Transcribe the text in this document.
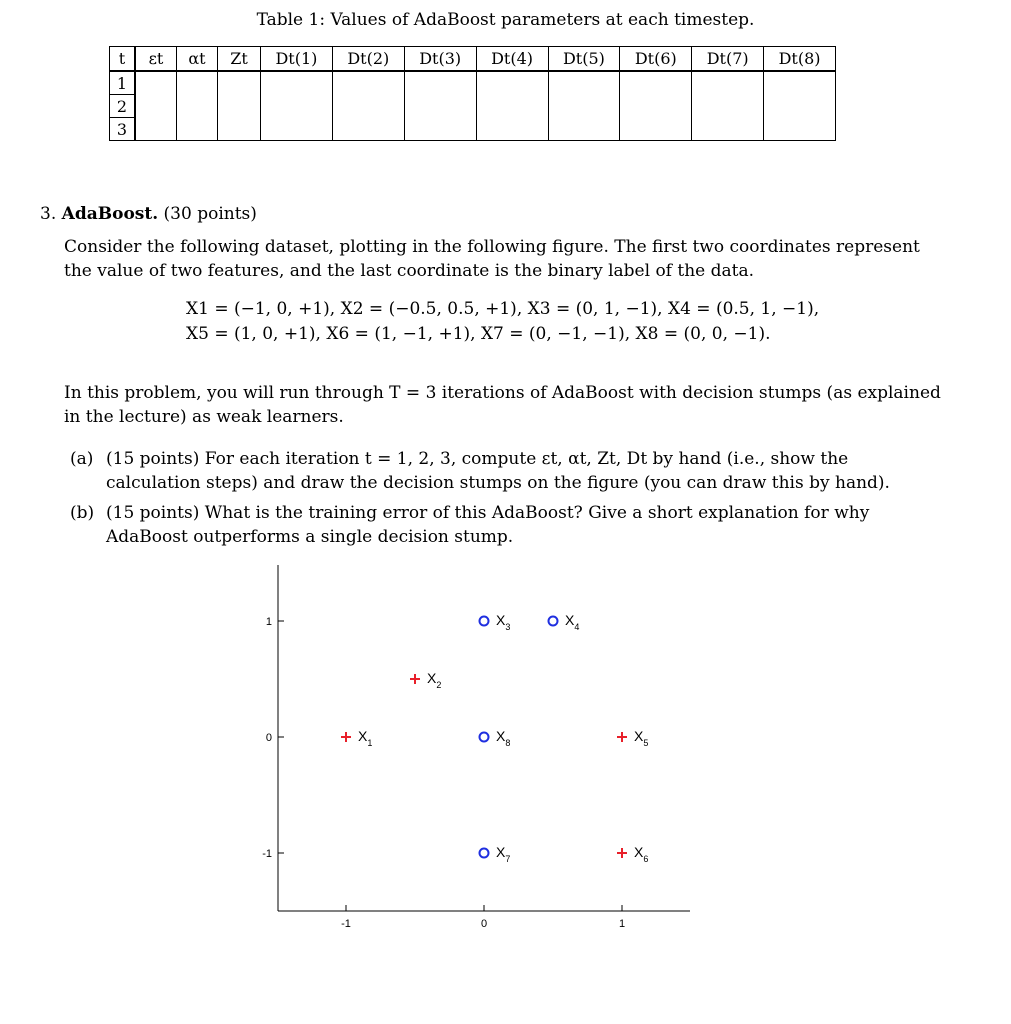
Table 1: Values of AdaBoost parameters at each timestep.
t	εt	αt	Zt	Dt(1)	Dt(2)	Dt(3)	Dt(4)	Dt(5)	Dt(6)	Dt(7)	Dt(8)
1											
2											
3											
3. AdaBoost. (30 points)
Consider the following dataset, plotting in the following figure. The first two coordinates represent the value of two features, and the last coordinate is the binary label of the data.
X1 = (−1, 0, +1), X2 = (−0.5, 0.5, +1), X3 = (0, 1, −1), X4 = (0.5, 1, −1),
X5 = (1, 0, +1), X6 = (1, −1, +1), X7 = (0, −1, −1), X8 = (0, 0, −1).
In this problem, you will run through T = 3 iterations of AdaBoost with decision stumps (as explained in the lecture) as weak learners.
(a) (15 points) For each iteration t = 1, 2, 3, compute εt, αt, Zt, Dt by hand (i.e., show the calculation steps) and draw the decision stumps on the figure (you can draw this by hand).
(b) (15 points) What is the training error of this AdaBoost? Give a short explanation for why AdaBoost outperforms a single decision stump.
-1	0	1
1
0
-1
$X_1$
$X_2$
$X_3$	$X_4$
$X_5$
$X_6$
$X_7$
$X_8$
